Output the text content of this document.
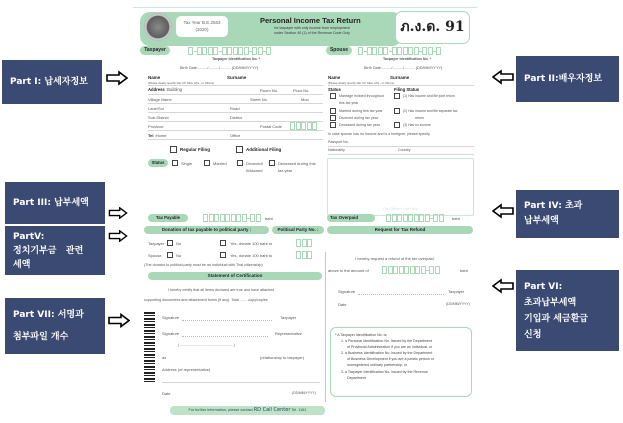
Part I: 납세자정보	Part II:배우자정보
Part III: 납부세액
PartV:
정치기부금   관련
세액
Part VII: 서명과
첨부파일 개수
Part IV: 초과
납부세액
Part VI:
초과납부세액
기입과 세금환급
신청
Tax Year B.E.2563
(2020)
Personal Income Tax Return
for taxpayer with only income from employment
under Section 40 (1) of the Revenue Code Only	ภ.ง.ด. 91
Taxpayer
Taxpayer Identification No. *
Birth Date:........./........../.......... (DD/MM/YYYY)
Spouse
Taxpayer Identification No. *
Birth Date:........./........../.......... (DD/MM/YYYY)
Name	Surname
(Please clearly specify title: Mr. Miss, Mrs., or Others)
Address :Building	Room No.	Floor No.
Village Name	Street No.	Moo
Lane/Soi	Road
Sub-District	District
Province	Postal Code
Tel :Home	Office
Regular Filing	Additional Filing
Status	Single	Married	Divorced/
Widowed
Deceased during this
tax year
Name	Surname
(Please clearly specify title: Mr. Miss, Mrs., or Others)
Status	Filing Status
Marriage existed throughout
this tax year
Married during this tax year
Divorced during tax year
Deceased during tax year
(1) Has income and file joint return
(2) Has income and file separate tax
return
(3) Has no income
In case spouse has no income and is a foreigner, please specify
Passport No.
Nationality	Country
For Officer's Use Only
Tax Payable	baht	Tax Overpaid	baht
Donation of tax payable to political party :	Political Party No. :
Taxpayer	No	Yes, donate 100 baht to
Spouse	No	Yes, donate 100 baht to
(The donator to political party must be an individual with Thai citizenship)
Request for Tax Refund
I hereby request a refund of the tax overpaid
above in the amount of	baht
Signature	Taxpayer
Date	(DD/MM/YYYY)
Statement of Certification
I hereby certify that all items declared are true and have attached
supporting documents and attachment forms (if any). Total ....... copy/copies
Signature	Taxpayer
Signature	Representative
( ...................................................... )
as	(relationship to taxpayer)
Address (of representative)
Date	(DD/MM/YYYY)

* A Taxpayer Identification No. is:

1. a Personal Identification No. issued by the Department

of Provincial Administration if you are an individual, or

2. a Business Identification No. issued by the Department

of Business Development if you are a juristic person or

nonregistered ordinary partnership, or

3. a Taxpayer Identification No. issued by the Revenue

Department

For further information, please contact RD Call Center Tel. 1161
